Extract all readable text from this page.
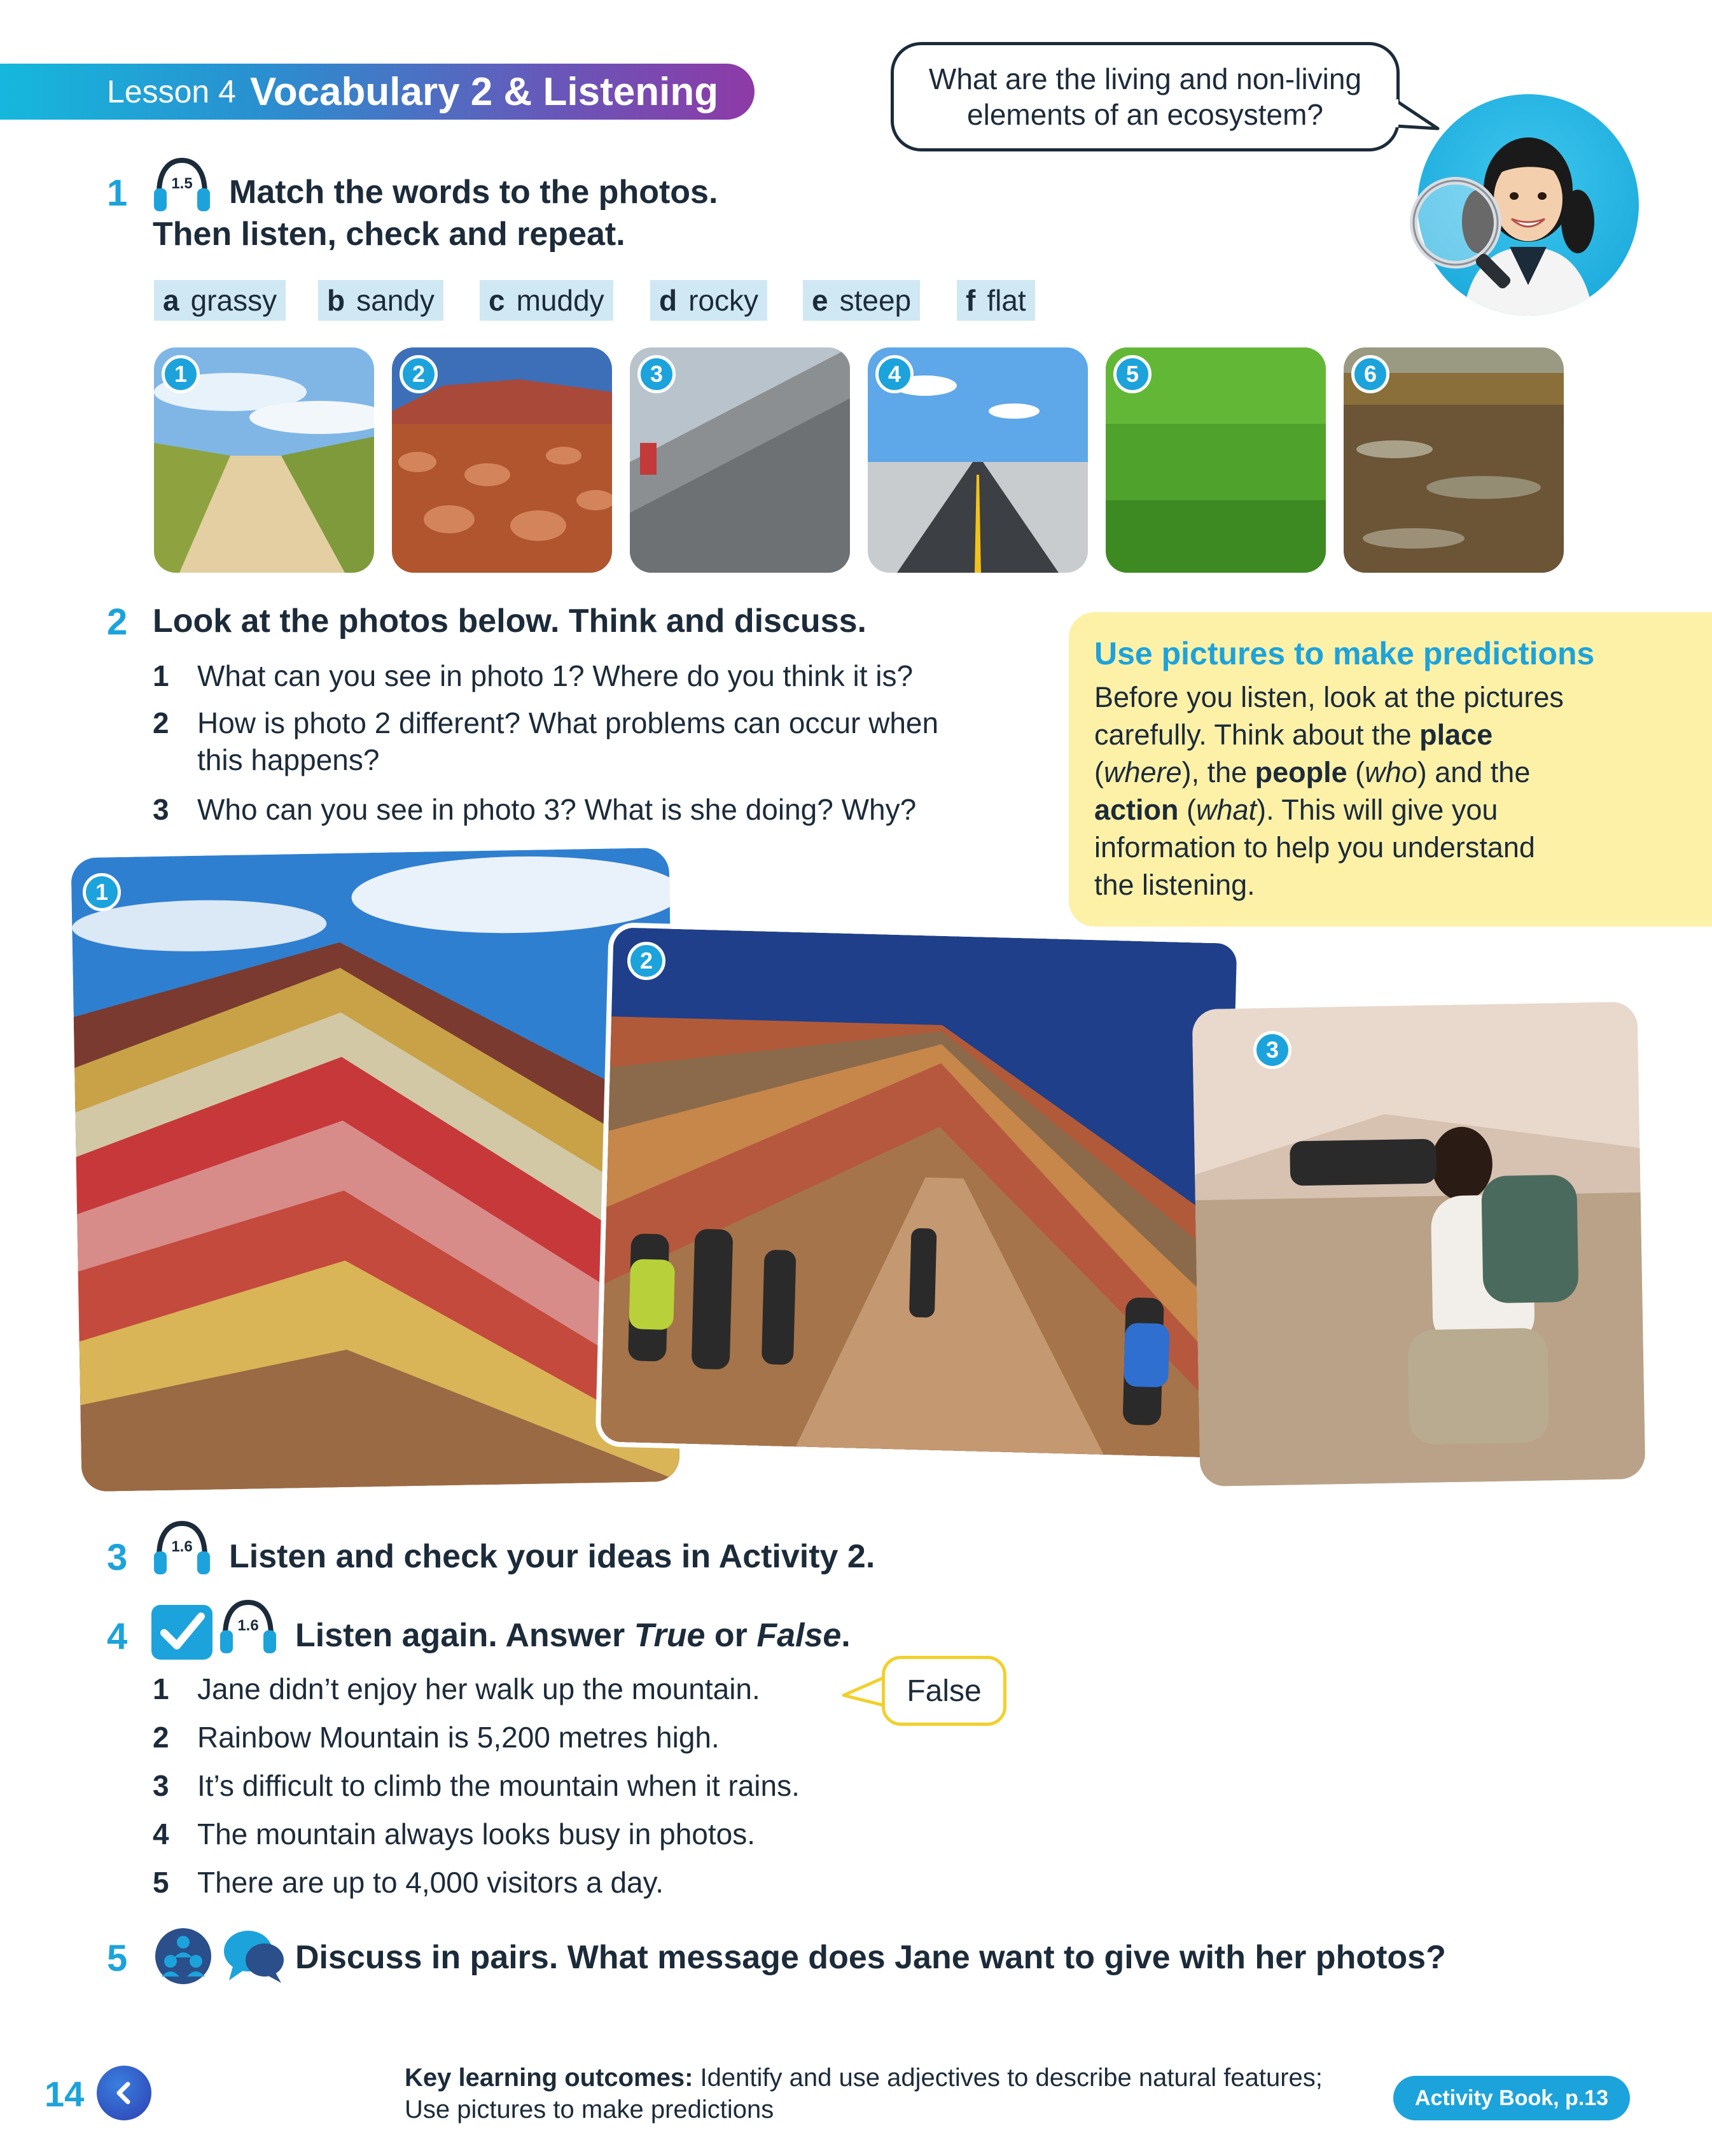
Lesson 4 Vocabulary 2 & Listening	What are the living and non-living elements of an ecosystem?
1	1.5 Match the words to the photos.
Then listen, check and repeat.
a grassy b sandy c muddy d rocky e steep f flat
1	2	3	4	5	6
2 Look at the photos below. Think and discuss.
1 What can you see in photo 1? Where do you think it is?
2 How is photo 2 different? What problems can occur when
this happens?
3 Who can you see in photo 3? What is she doing? Why?
Use pictures to make predictions
Before you listen, look at the pictures
carefully. Think about the place
(where), the people (who) and the
action (what). This will give you
information to help you understand
the listening.
1
2
3
3	1.6 Listen and check your ideas in Activity 2.
4	1.6 Listen again. Answer True or False.
1 Jane didn’t enjoy her walk up the mountain.
2 Rainbow Mountain is 5,200 metres high.
3 It’s difficult to climb the mountain when it rains.
4 The mountain always looks busy in photos.
5 There are up to 4,000 visitors a day.
False
5	Discuss in pairs. What message does Jane want to give with her photos?
14	Key learning outcomes: Identify and use adjectives to describe natural features;
Use pictures to make predictions	Activity Book, p.13
